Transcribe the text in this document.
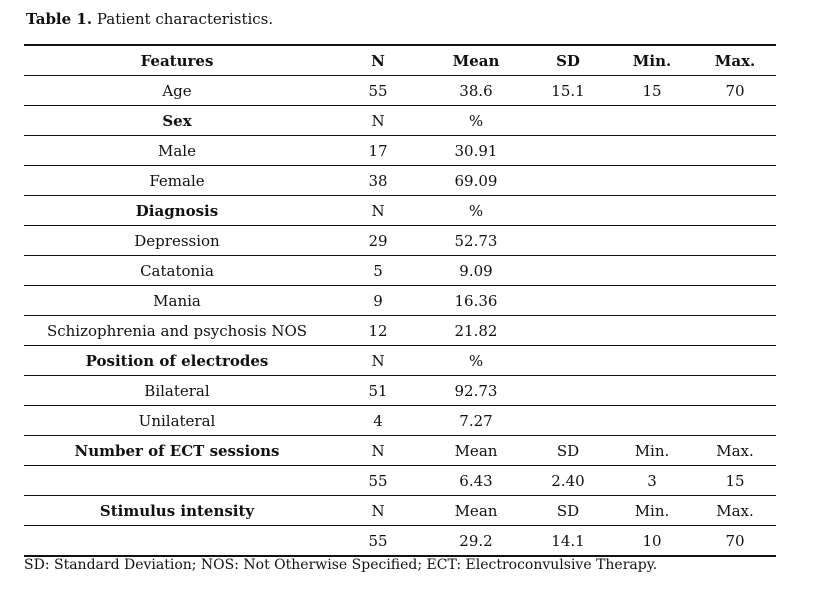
Table 1. Patient characteristics.
Features	N	Mean	SD	Min.	Max.
Age	55	38.6	15.1	15	70
Sex	N	%			
Male	17	30.91			
Female	38	69.09			
Diagnosis	N	%			
Depression	29	52.73			
Catatonia	5	9.09			
Mania	9	16.36			
Schizophrenia and psychosis NOS	12	21.82			
Position of electrodes	N	%			
Bilateral	51	92.73			
Unilateral	4	7.27			
Number of ECT sessions	N	Mean	SD	Min.	Max.
	55	6.43	2.40	3	15
Stimulus intensity	N	Mean	SD	Min.	Max.
	55	29.2	14.1	10	70
SD: Standard Deviation; NOS: Not Otherwise Specified; ECT: Electroconvulsive Therapy.
